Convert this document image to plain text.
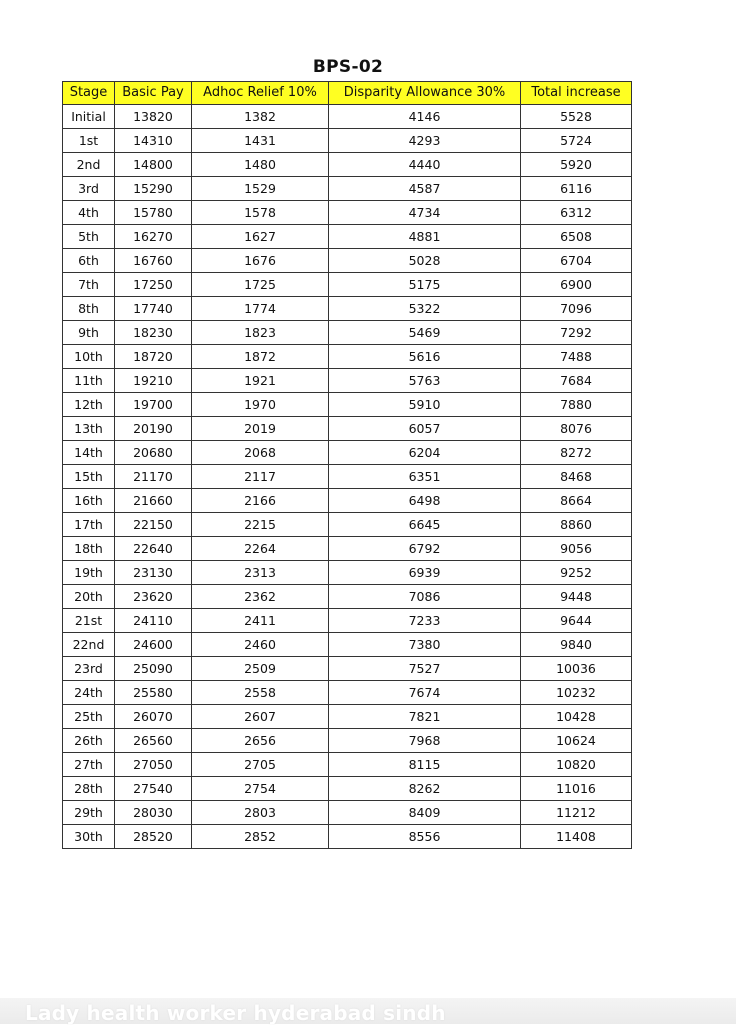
BPS-02
Stage	Basic Pay	Adhoc Relief 10%	Disparity Allowance 30%	Total increase
Initial	13820	1382	4146	5528
1st	14310	1431	4293	5724
2nd	14800	1480	4440	5920
3rd	15290	1529	4587	6116
4th	15780	1578	4734	6312
5th	16270	1627	4881	6508
6th	16760	1676	5028	6704
7th	17250	1725	5175	6900
8th	17740	1774	5322	7096
9th	18230	1823	5469	7292
10th	18720	1872	5616	7488
11th	19210	1921	5763	7684
12th	19700	1970	5910	7880
13th	20190	2019	6057	8076
14th	20680	2068	6204	8272
15th	21170	2117	6351	8468
16th	21660	2166	6498	8664
17th	22150	2215	6645	8860
18th	22640	2264	6792	9056
19th	23130	2313	6939	9252
20th	23620	2362	7086	9448
21st	24110	2411	7233	9644
22nd	24600	2460	7380	9840
23rd	25090	2509	7527	10036
24th	25580	2558	7674	10232
25th	26070	2607	7821	10428
26th	26560	2656	7968	10624
27th	27050	2705	8115	10820
28th	27540	2754	8262	11016
29th	28030	2803	8409	11212
30th	28520	2852	8556	11408
Lady health worker hyderabad sindh
